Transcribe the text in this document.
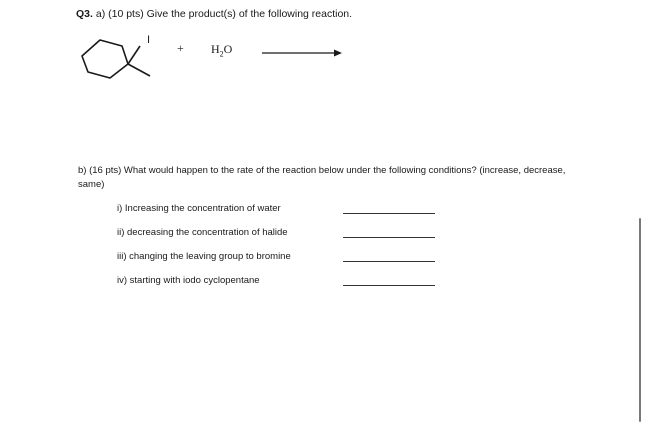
Q3. a) (10 pts) Give the product(s) of the following reaction.
I
+ $H_2O$
b) (16 pts) What would happen to the rate of the reaction below under the following conditions? (increase, decrease, same)
i) Increasing the concentration of water
ii) decreasing the concentration of halide
iii) changing the leaving group to bromine
iv) starting with iodo cyclopentane
